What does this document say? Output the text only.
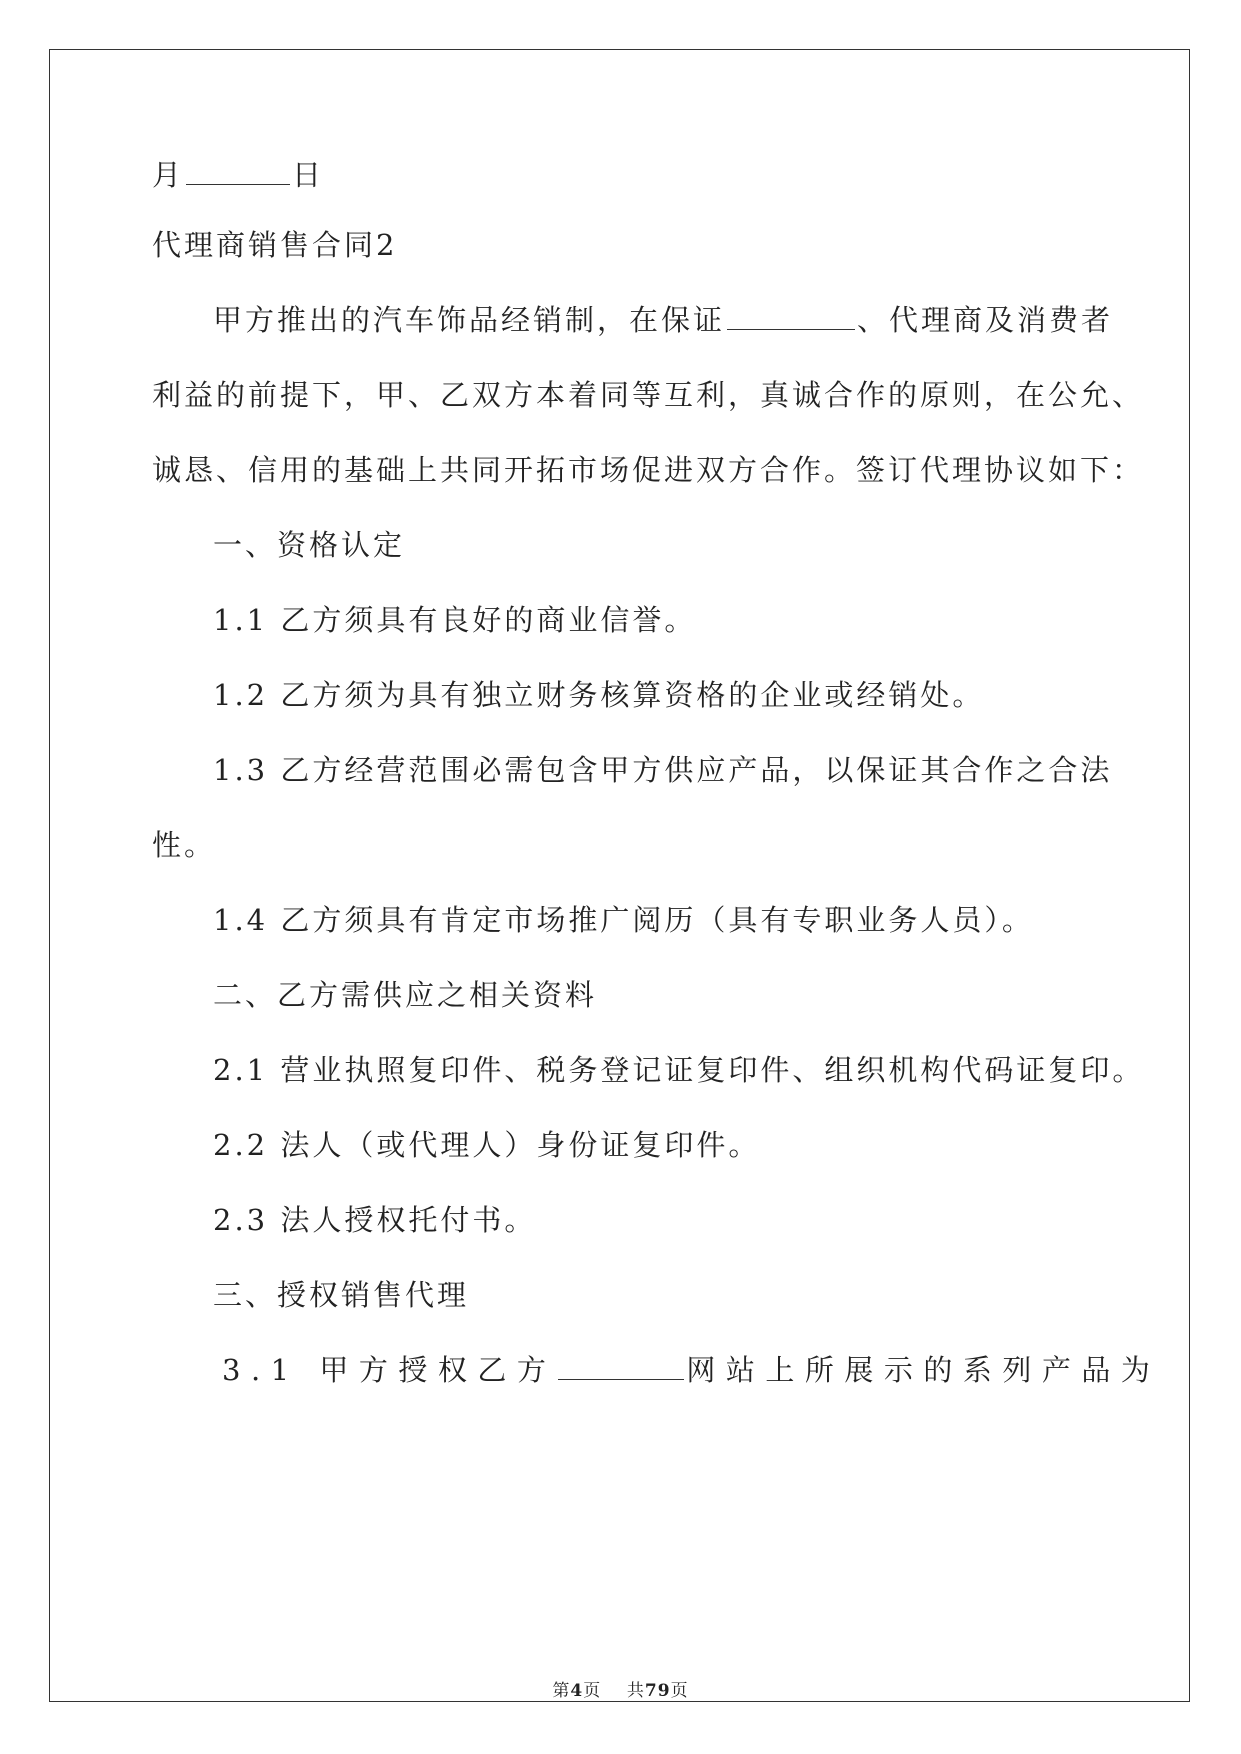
月	日
代理商销售合同2
甲方推出的汽车饰品经销制，在保证	、代理商及消费者
利益的前提下，甲、乙双方本着同等互利，真诚合作的原则，在公允、
诚恳、信用的基础上共同开拓市场促进双方合作。签订代理协议如下：
一、资格认定
1.1 乙方须具有良好的商业信誉。
1.2 乙方须为具有独立财务核算资格的企业或经销处。
1.3 乙方经营范围必需包含甲方供应产品，以保证其合作之合法
性。
1.4 乙方须具有肯定市场推广阅历（具有专职业务人员）。
二、乙方需供应之相关资料
2.1 营业执照复印件、税务登记证复印件、组织机构代码证复印。
2.2 法人（或代理人）身份证复印件。
2.3 法人授权托付书。
三、授权销售代理
3.1 甲方授权乙方	网站上所展示的系列产品为
第4页 共79页
